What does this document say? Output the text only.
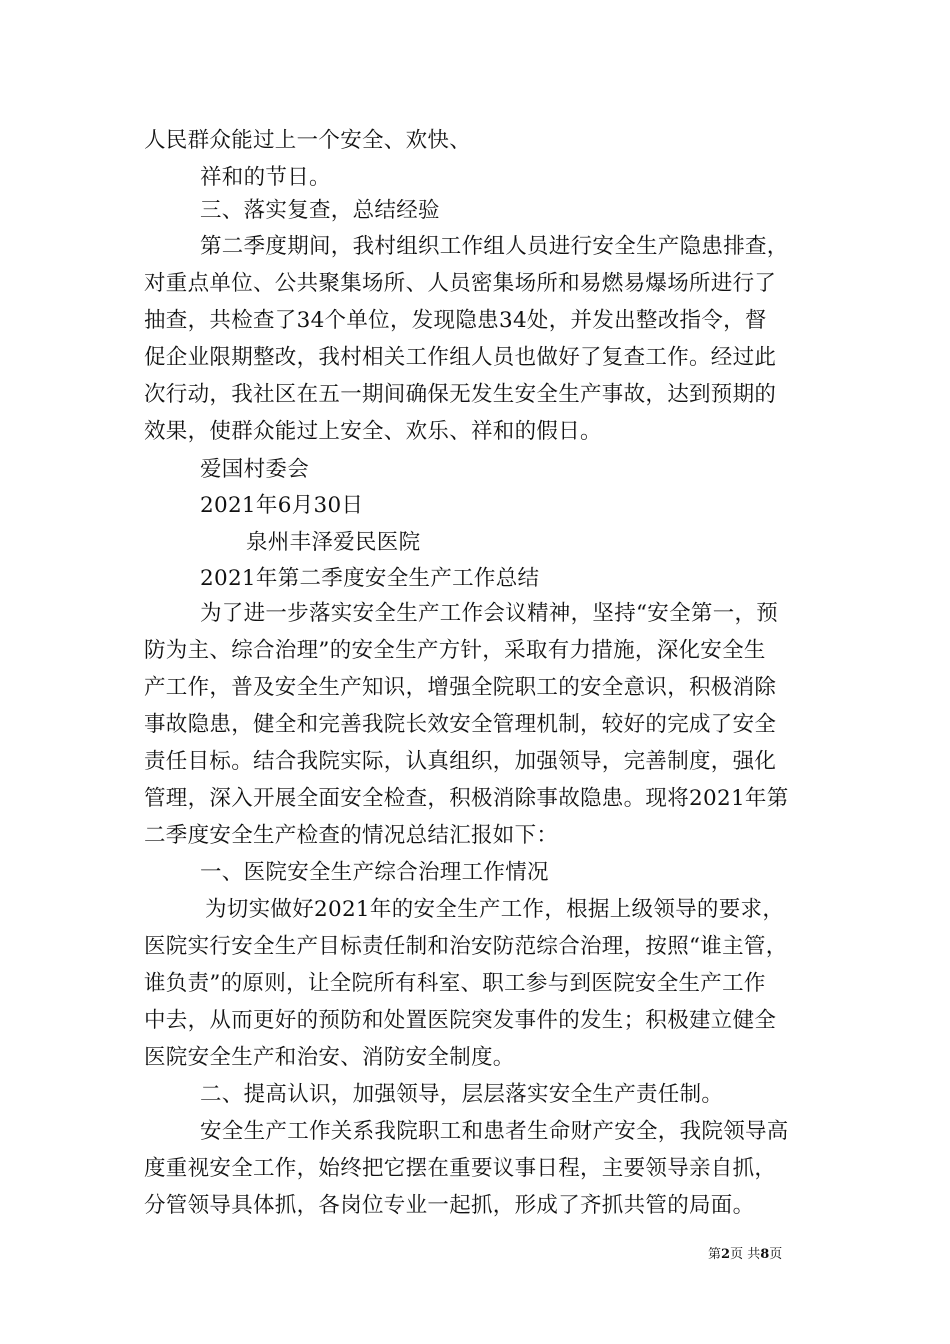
人民群众能过上一个安全、欢快、
祥和的节日。
三、落实复查，总结经验
第二季度期间，我村组织工作组人员进行安全生产隐患排查，
对重点单位、公共聚集场所、人员密集场所和易燃易爆场所进行了
抽查，共检查了34个单位，发现隐患34处，并发出整改指令，督
促企业限期整改，我村相关工作组人员也做好了复查工作。经过此
次行动，我社区在五一期间确保无发生安全生产事故，达到预期的
效果，使群众能过上安全、欢乐、祥和的假日。
爱国村委会
2021年6月30日
泉州丰泽爱民医院
2021年第二季度安全生产工作总结
为了进一步落实安全生产工作会议精神，坚持“安全第一，预
防为主、综合治理”的安全生产方针，采取有力措施，深化安全生
产工作，普及安全生产知识，增强全院职工的安全意识，积极消除
事故隐患，健全和完善我院长效安全管理机制，较好的完成了安全
责任目标。结合我院实际，认真组织，加强领导，完善制度，强化
管理，深入开展全面安全检查，积极消除事故隐患。现将2021年第
二季度安全生产检查的情况总结汇报如下：
一、医院安全生产综合治理工作情况
为切实做好2021年的安全生产工作，根据上级领导的要求，
医院实行安全生产目标责任制和治安防范综合治理，按照“谁主管，
谁负责”的原则，让全院所有科室、职工参与到医院安全生产工作
中去，从而更好的预防和处置医院突发事件的发生；积极建立健全
医院安全生产和治安、消防安全制度。
二、提高认识，加强领导，层层落实安全生产责任制。
安全生产工作关系我院职工和患者生命财产安全，我院领导高
度重视安全工作，始终把它摆在重要议事日程，主要领导亲自抓，
分管领导具体抓，各岗位专业一起抓，形成了齐抓共管的局面。
第2页 共8页
